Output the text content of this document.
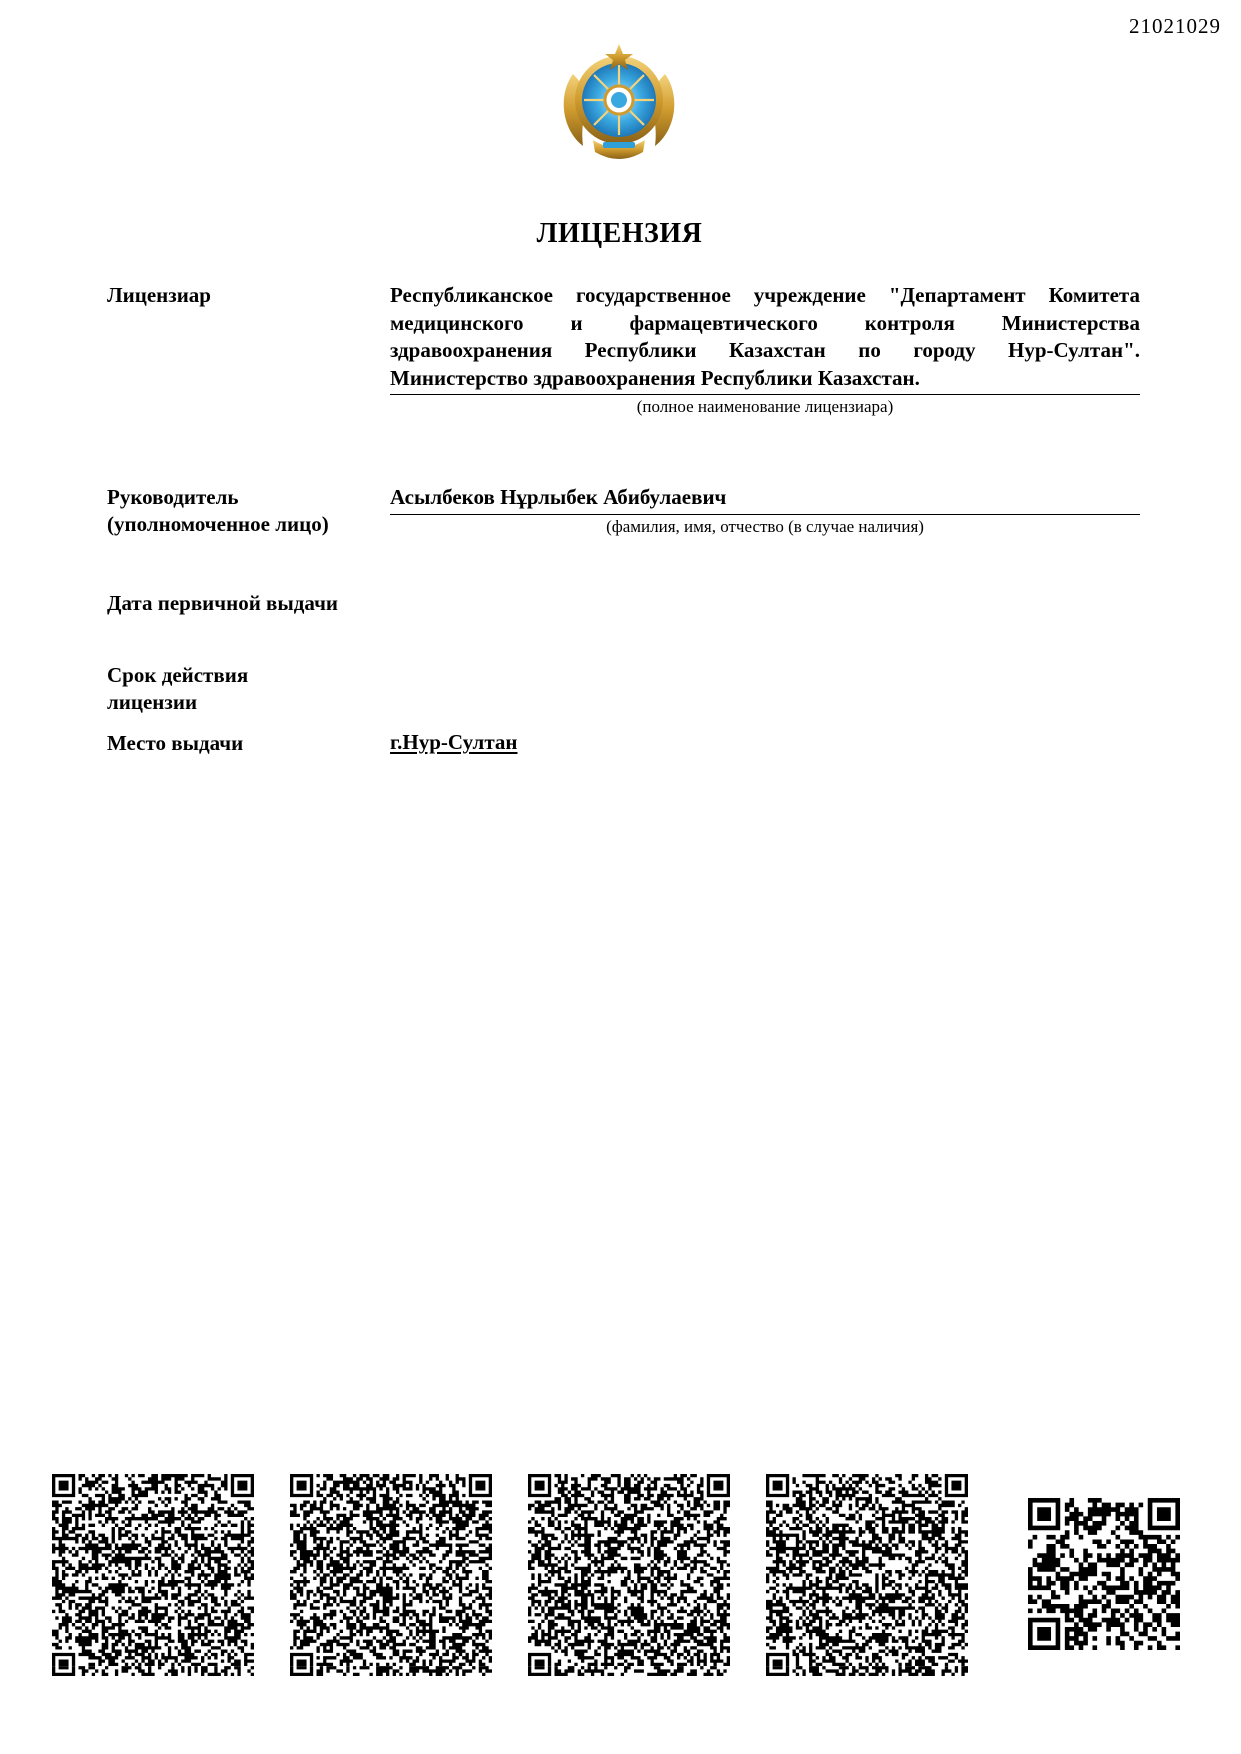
21021029
ЛИЦЕНЗИЯ
Лицензиар	Республиканское государственное учреждение "Департамент Комитета медицинского и фармацевтического контроля Министерства здравоохранения Республики Казахстан по городу Нур-Султан". Министерство здравоохранения Республики Казахстан.
(полное наименование лицензиара)
Руководитель (уполномоченное лицо)
Асылбеков Нұрлыбек Абибулаевич
(фамилия, имя, отчество (в случае наличия)
Дата первичной выдачи
Срок действия лицензии
Место выдачи	г.Нур-Султан
